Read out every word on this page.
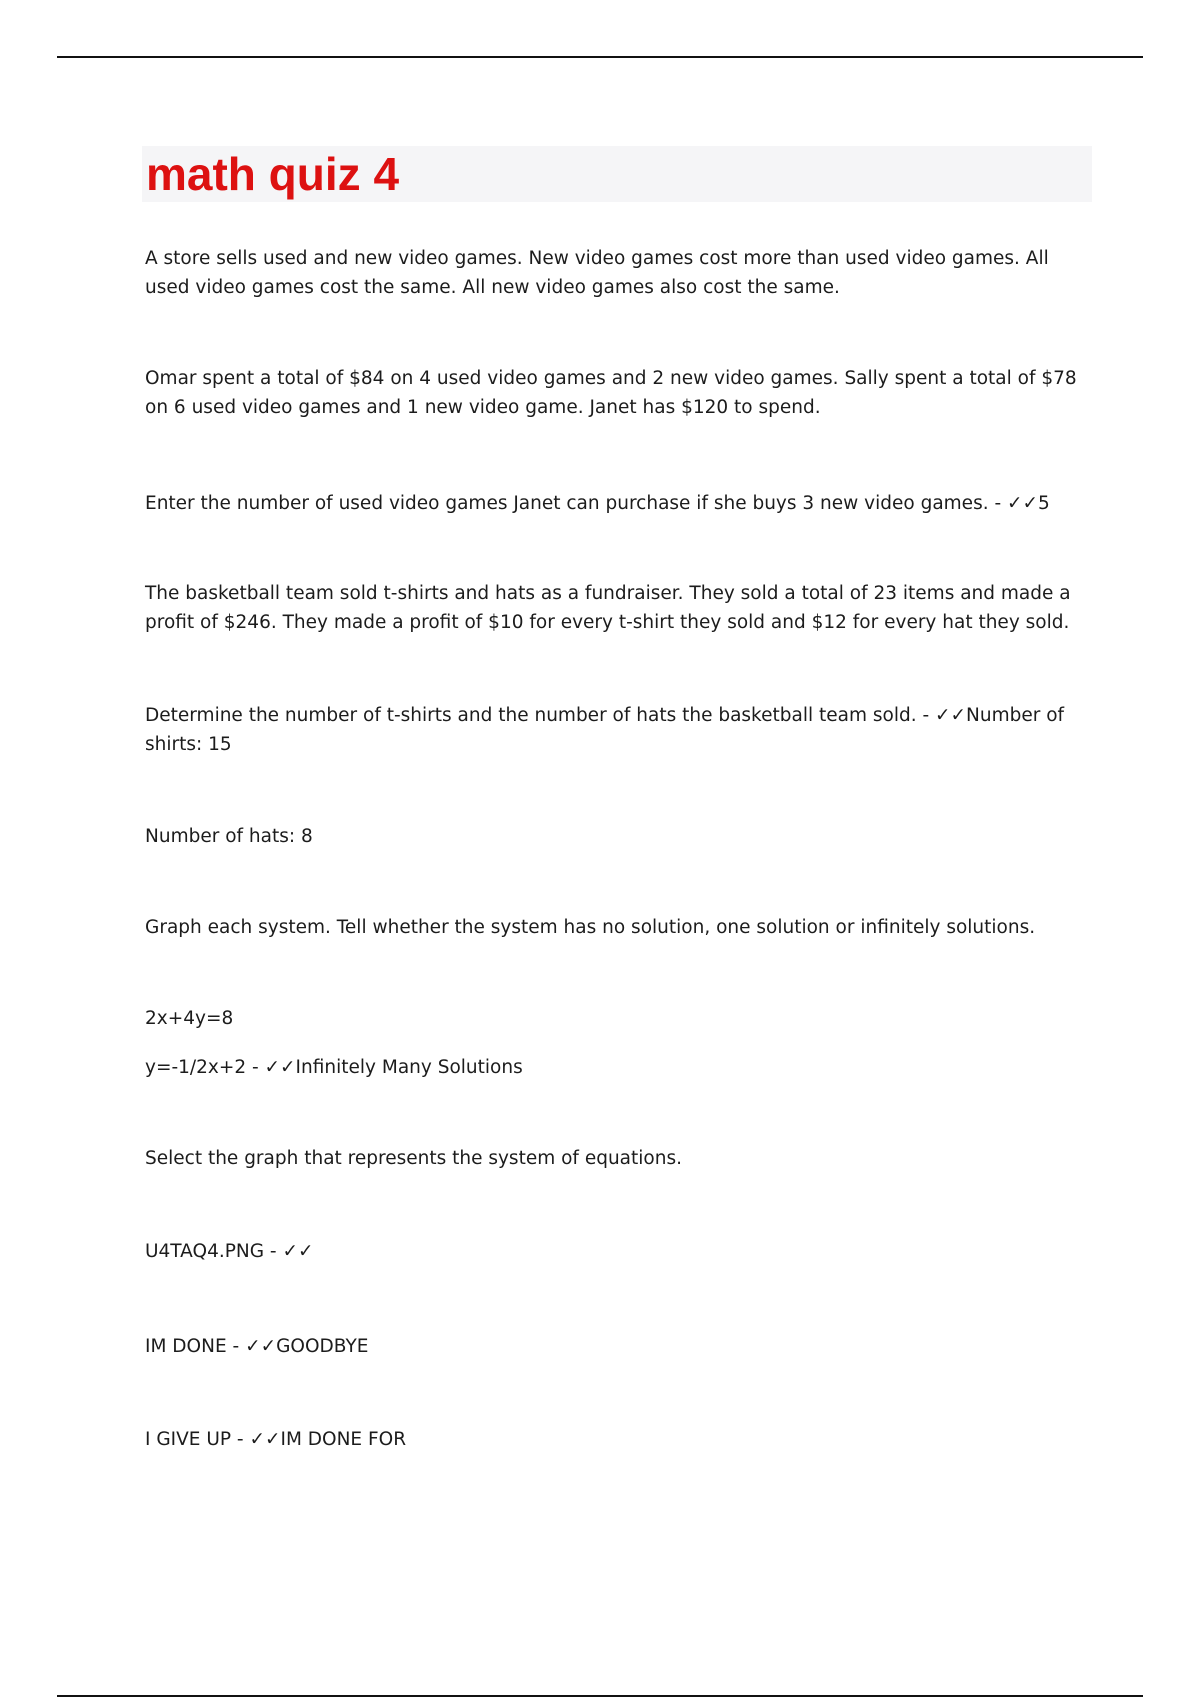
math quiz 4

A store sells used and new video games. New video games cost more than used video games. All used video games cost the same. All new video games also cost the same.

Omar spent a total of $84 on 4 used video games and 2 new video games. Sally spent a total of $78 on 6 used video games and 1 new video game. Janet has $120 to spend.

Enter the number of used video games Janet can purchase if she buys 3 new video games. - ✓✓5

The basketball team sold t-shirts and hats as a fundraiser. They sold a total of 23 items and made a profit of $246. They made a profit of $10 for every t-shirt they sold and $12 for every hat they sold.

Determine the number of t-shirts and the number of hats the basketball team sold. - ✓✓Number of shirts: 15

Number of hats: 8

Graph each system. Tell whether the system has no solution, one solution or infinitely solutions.

2x+4y=8

y=-1/2x+2 - ✓✓Infinitely Many Solutions

Select the graph that represents the system of equations.

U4TAQ4.PNG - ✓✓

IM DONE - ✓✓GOODBYE

I GIVE UP - ✓✓IM DONE FOR
